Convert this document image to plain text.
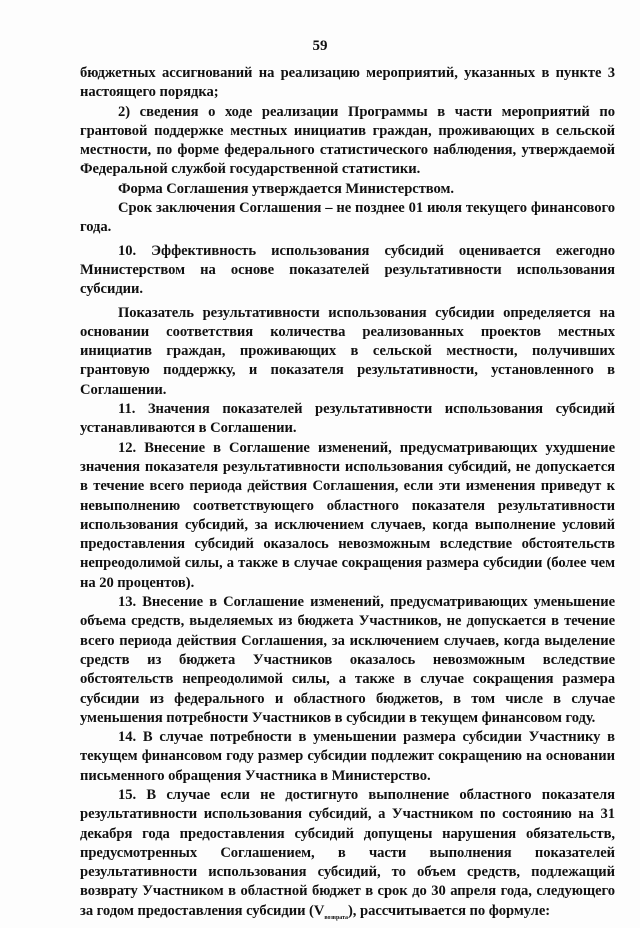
59

бюджетных ассигнований на реализацию мероприятий, указанных в пункте 3 настоящего порядка;

2) сведения о ходе реализации Программы в части мероприятий по грантовой поддержке местных инициатив граждан, проживающих в сельской местности, по форме федерального статистического наблюдения, утверждаемой Федеральной службой государственной статистики.

Форма Соглашения утверждается Министерством.

Срок заключения Соглашения – не позднее 01 июля текущего финансового года.

10. Эффективность использования субсидий оценивается ежегодно Министерством на основе показателей результативности использования субсидии.

Показатель результативности использования субсидии определяется на основании соответствия количества реализованных проектов местных инициатив граждан, проживающих в сельской местности, получивших грантовую поддержку, и показателя результативности, установленного в Соглашении.

11. Значения показателей результативности использования субсидий устанавливаются в Соглашении.

12. Внесение в Соглашение изменений, предусматривающих ухудшение значения показателя результативности использования субсидий, не допускается в течение всего периода действия Соглашения, если эти изменения приведут к невыполнению соответствующего областного показателя результативности использования субсидий, за исключением случаев, когда выполнение условий предоставления субсидий оказалось невозможным вследствие обстоятельств непреодолимой силы, а также в случае сокращения размера субсидии (более чем на 20 процентов).

13. Внесение в Соглашение изменений, предусматривающих уменьшение объема средств, выделяемых из бюджета Участников, не допускается в течение всего периода действия Соглашения, за исключением случаев, когда выделение средств из бюджета Участников оказалось невозможным вследствие обстоятельств непреодолимой силы, а также в случае сокращения размера субсидии из федерального и областного бюджетов, в том числе в случае уменьшения потребности Участников в субсидии в текущем финансовом году.

14. В случае потребности в уменьшении размера субсидии Участнику в текущем финансовом году размер субсидии подлежит сокращению на основании письменного обращения Участника в Министерство.

15. В случае если не достигнуто выполнение областного показателя результативности использования субсидий, а Участником по состоянию на 31 декабря года предоставления субсидий допущены нарушения обязательств, предусмотренных Соглашением, в части выполнения показателей результативности использования субсидий, то объем средств, подлежащий возврату Участником в областной бюджет в срок до 30 апреля года, следующего за годом предоставления субсидии $(V_{возврата})$, рассчитывается по формуле:
